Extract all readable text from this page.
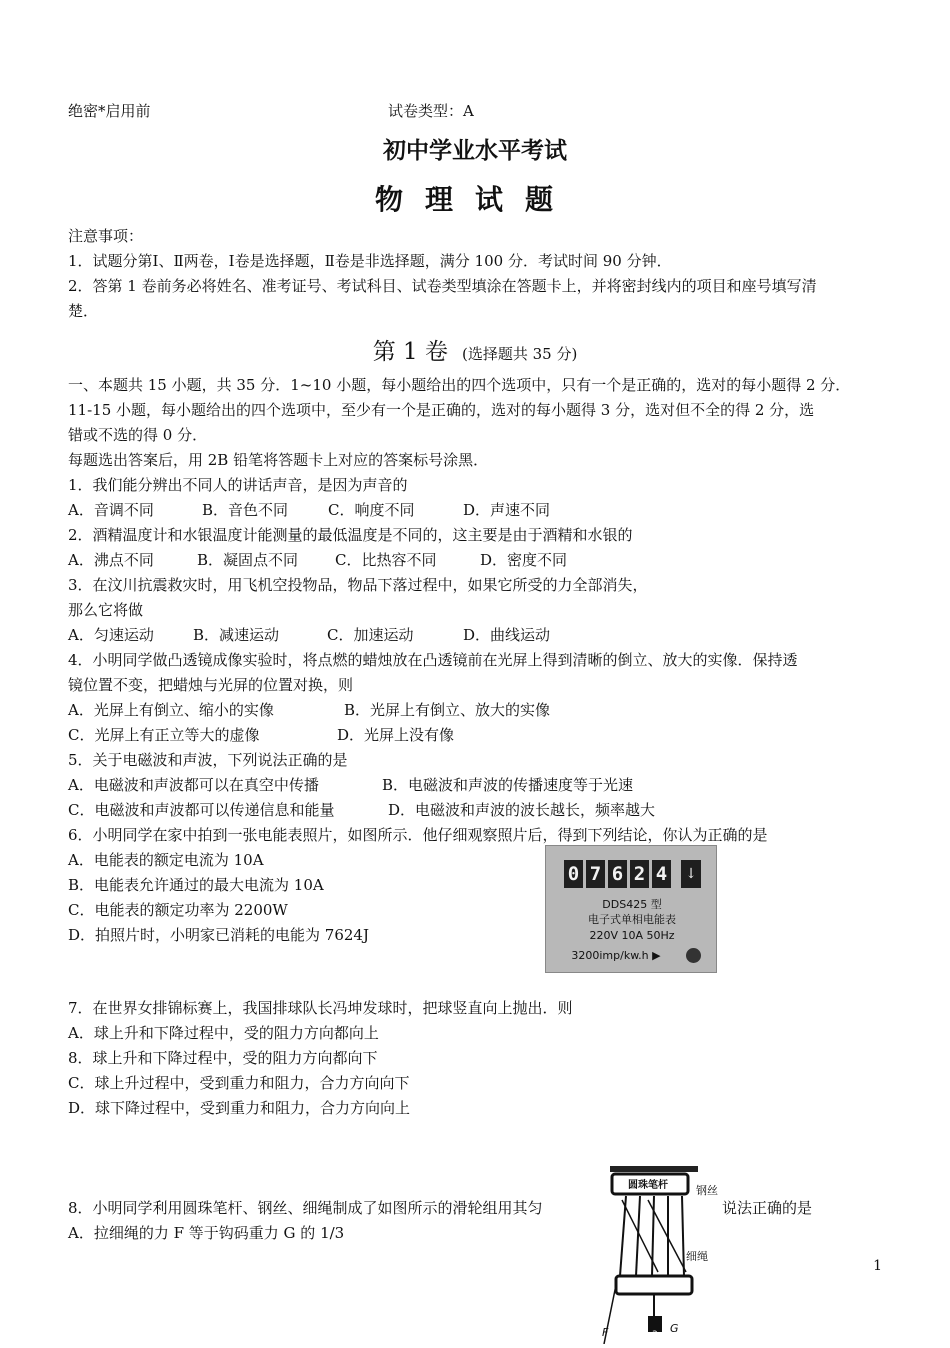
绝密*启用前	试卷类型：A
初中学业水平考试
物理试题
注意事项：
1．试题分第Ⅰ、Ⅱ两卷，Ⅰ卷是选择题，Ⅱ卷是非选择题，满分 100 分．考试时间 90 分钟．
2．答第 1 卷前务必将姓名、准考证号、考试科目、试卷类型填涂在答题卡上，并将密封线内的项目和座号填写清
楚．
第 1 卷 (选择题共 35 分)
一、本题共 15 小题，共 35 分．1~10 小题，每小题给出的四个选项中，只有一个是正确的，选对的每小题得 2 分．
11-15 小题，每小题给出的四个选项中，至少有一个是正确的，选对的每小题得 3 分，选对但不全的得 2 分，选
错或不选的得 0 分．
每题选出答案后，用 2B 铅笔将答题卡上对应的答案标号涂黑．
1．我们能分辨出不同人的讲话声音，是因为声音的
A．音调不同	B．音色不同	C．响度不同	D．声速不同
2．酒精温度计和水银温度计能测量的最低温度是不同的，这主要是由于酒精和水银的
A．沸点不同	B．凝固点不同 C．比热容不同	D．密度不同
3．在汶川抗震救灾时，用飞机空投物品，物品下落过程中，如果它所受的力全部消失，
那么它将做
A．匀速运动	B．减速运动	C．加速运动	D．曲线运动
4．小明同学做凸透镜成像实验时，将点燃的蜡烛放在凸透镜前在光屏上得到清晰的倒立、放大的实像．保持透
镜位置不变，把蜡烛与光屏的位置对换，则
A．光屏上有倒立、缩小的实像	B．光屏上有倒立、放大的实像
C．光屏上有正立等大的虚像	D．光屏上没有像
5．关于电磁波和声波，下列说法正确的是
A．电磁波和声波都可以在真空中传播	B．电磁波和声波的传播速度等于光速
C．电磁波和声波都可以传递信息和能量	D．电磁波和声波的波长越长，频率越大
6．小明同学在家中拍到一张电能表照片，如图所示．他仔细观察照片后，得到下列结论，你认为正确的是
A．电能表的额定电流为 10A
B．电能表允许通过的最大电流为 10A
C．电能表的额定功率为 2200W
D．拍照片时，小明家已消耗的电能为 7624J
0 7 6 2 4 ↓
DDS425 型
电子式单相电能表
220V 10A 50Hz
3200imp/kw.h ▶
7．在世界女排锦标赛上，我国排球队长冯坤发球时，把球竖直向上抛出．则
A．球上升和下降过程中，受的阻力方向都向上
8．球上升和下降过程中，受的阻力方向都向下
C．球上升过程中，受到重力和阻力，合力方向向下
D．球下降过程中，受到重力和阻力，合力方向向上
8．小明同学利用圆珠笔杆、钢丝、细绳制成了如图所示的滑轮组用其匀	说法正确的是
A．拉细绳的力 F 等于钩码重力 G 的 1/3
圆珠笔杆	钢丝
细绳
F	3 G
1
